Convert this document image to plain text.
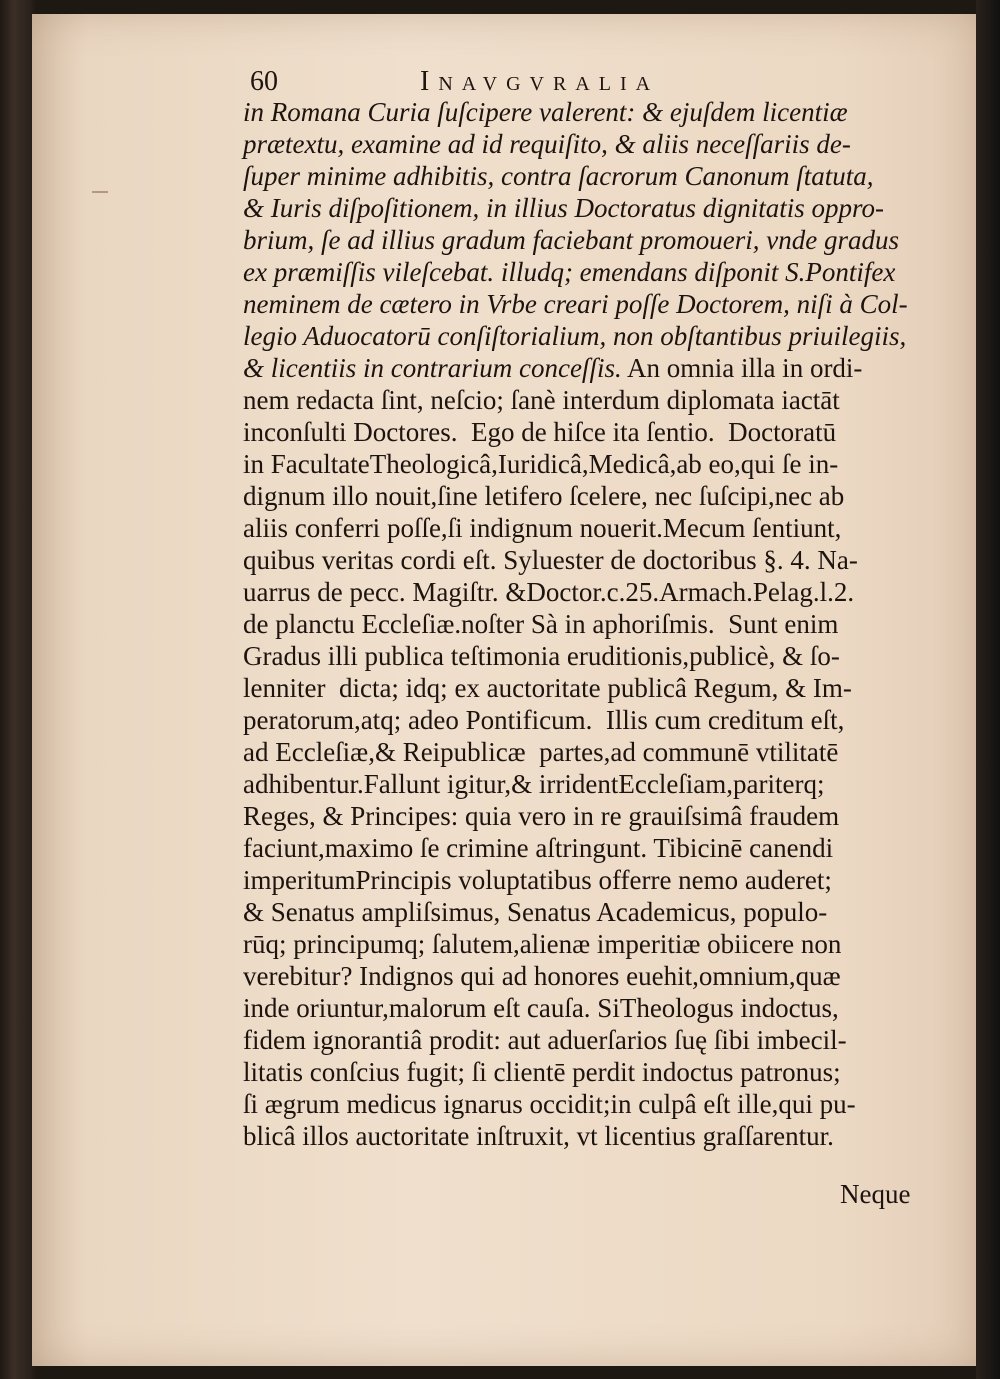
60	Inavgvralia
in Romana Curia ſuſcipere valerent: & ejuſdem licentiæ
prætextu, examine ad id requiſito, & aliis neceſſariis de-
ſuper minime adhibitis, contra ſacrorum Canonum ſtatuta,
& Iuris diſpoſitionem, in illius Doctoratus dignitatis oppro-
brium, ſe ad illius gradum faciebant promoueri, vnde gradus
ex præmiſſis vileſcebat. illudq; emendans diſponit S.Pontifex
neminem de cætero in Vrbe creari poſſe Doctorem, niſi à Col-
legio Aduocatorū conſiſtorialium, non obſtantibus priuilegiis,
& licentiis in contrarium conceſſis. An omnia illa in ordi-
nem redacta ſint, neſcio; ſanè interdum diplomata iactāt
inconſulti Doctores.  Ego de hiſce ita ſentio.  Doctoratū
in FacultateTheologicâ,Iuridicâ,Medicâ,ab eo,qui ſe in-
dignum illo nouit,ſine letifero ſcelere, nec ſuſcipi,nec ab
aliis conferri poſſe,ſi indignum nouerit.Mecum ſentiunt,
quibus veritas cordi eſt. Syluester de doctoribus §. 4. Na-
uarrus de pecc. Magiſtr. &Doctor.c.25.Armach.Pelag.l.2.
de planctu Eccleſiæ.noſter Sà in aphoriſmis.  Sunt enim
Gradus illi publica teſtimonia eruditionis,publicè, & ſo-
lenniter  dicta; idq; ex auctoritate publicâ Regum, & Im-
peratorum,atq; adeo Pontificum.  Illis cum creditum eſt,
ad Eccleſiæ,& Reipublicæ  partes,ad communē vtilitatē
adhibentur.Fallunt igitur,& irridentEccleſiam,pariterq;
Reges, & Principes: quia vero in re grauiſsimâ fraudem
faciunt,maximo ſe crimine aſtringunt. Tibicinē canendi
imperitumPrincipis voluptatibus offerre nemo auderet;
& Senatus ampliſsimus, Senatus Academicus, populo-
rūq; principumq; ſalutem,alienæ imperitiæ obiicere non
verebitur? Indignos qui ad honores euehit,omnium,quæ
inde oriuntur,malorum eſt cauſa. SiTheologus indoctus,
fidem ignorantiâ prodit: aut aduerſarios ſuę ſibi imbecil-
litatis conſcius fugit; ſi clientē perdit indoctus patronus;
ſi ægrum medicus ignarus occidit;in culpâ eſt ille,qui pu-
blicâ illos auctoritate inſtruxit, vt licentius graſſarentur.
Neque
